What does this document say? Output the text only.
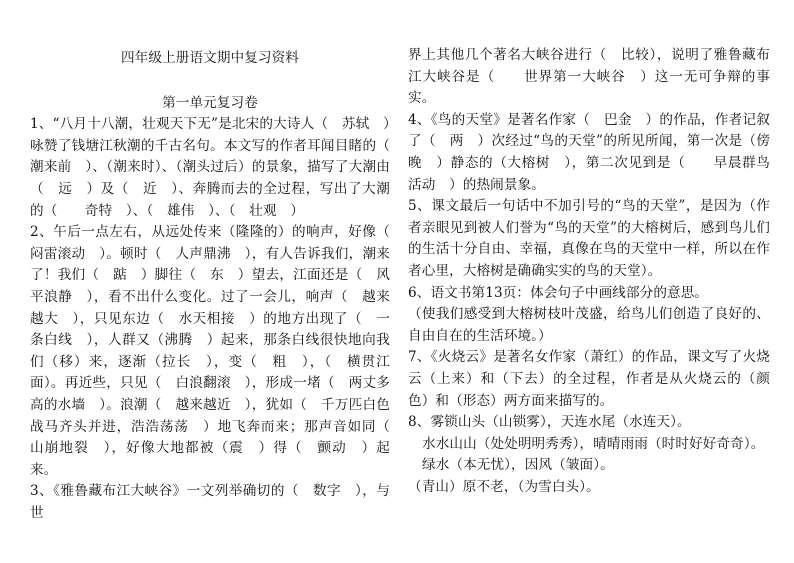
四年级上册语文期中复习资料
第一单元复习卷

1、“八月十八潮，壮观天下无”是北宋的大诗人（　苏轼　）咏赞了钱塘江秋潮的千古名句。本文写的作者耳闻目睹的（　潮来前　）、（潮来时）、（潮头过后）的景象，描写了大潮由（　远　）及（　近　）、奔腾而去的全过程，写出了大潮的（　　奇特　）、（　雄伟　）、（　壮观　）

2、午后一点左右，从远处传来（隆隆的）的响声，好像（　闷雷滚动　）。顿时（　人声鼎沸　），有人告诉我们，潮来了！我们（　踮　）脚往（　东　）望去，江面还是（　风平浪静　），看不出什么变化。过了一会儿，响声（　越来越大　），只见东边（　水天相接　）的地方出现了（　一条白线　），人群又（沸腾　）起来，那条白线很快地向我们（移）来，逐渐（拉长　），变（　粗　），（　横贯江面）。再近些，只见（　白浪翻滚　），形成一堵（　两丈多高的水墙　）。浪潮（　越来越近　），犹如（　千万匹白色战马齐头并进，浩浩荡荡　）地飞奔而来；那声音如同（　山崩地裂　），好像大地都被（震　）得（　颤动　）起来。

3、《雅鲁藏布江大峡谷》一文列举确切的（　数字　），与世

界上其他几个著名大峡谷进行（　比较），说明了雅鲁藏布江大峡谷是（　　世界第一大峡谷　）这一无可争辩的事实。

4、《鸟的天堂》是著名作家（　巴金　）的作品，作者记叙了（　两　）次经过“鸟的天堂”的所见所闻，第一次是（傍晚　）静态的（大榕树　），第二次见到是（　　早晨群鸟活动　）的热闹景象。

5、课文最后一句话中不加引号的“鸟的天堂”，是因为（作者亲眼见到被人们誉为“鸟的天堂”的大榕树后，感到鸟儿们的生活十分自由、幸福，真像在鸟的天堂中一样，所以在作者心里，大榕树是确确实实的鸟的天堂）。

6、语文书第13页：体会句子中画线部分的意思。

（使我们感受到大榕树枝叶茂盛，给鸟儿们创造了良好的、自由自在的生活环境。）

7、《火烧云》是著名女作家（萧红）的作品，课文写了火烧云（上来）和（下去）的全过程，作者是从火烧云的（颜色）和（形态）两方面来描写的。

8、雾锁山头（山锁雾），天连水尾（水连天）。

水水山山（处处明明秀秀），晴晴雨雨（时时好好奇奇）。

绿水（本无忧），因风（皱面）。

（青山）原不老，（为雪白头）。
